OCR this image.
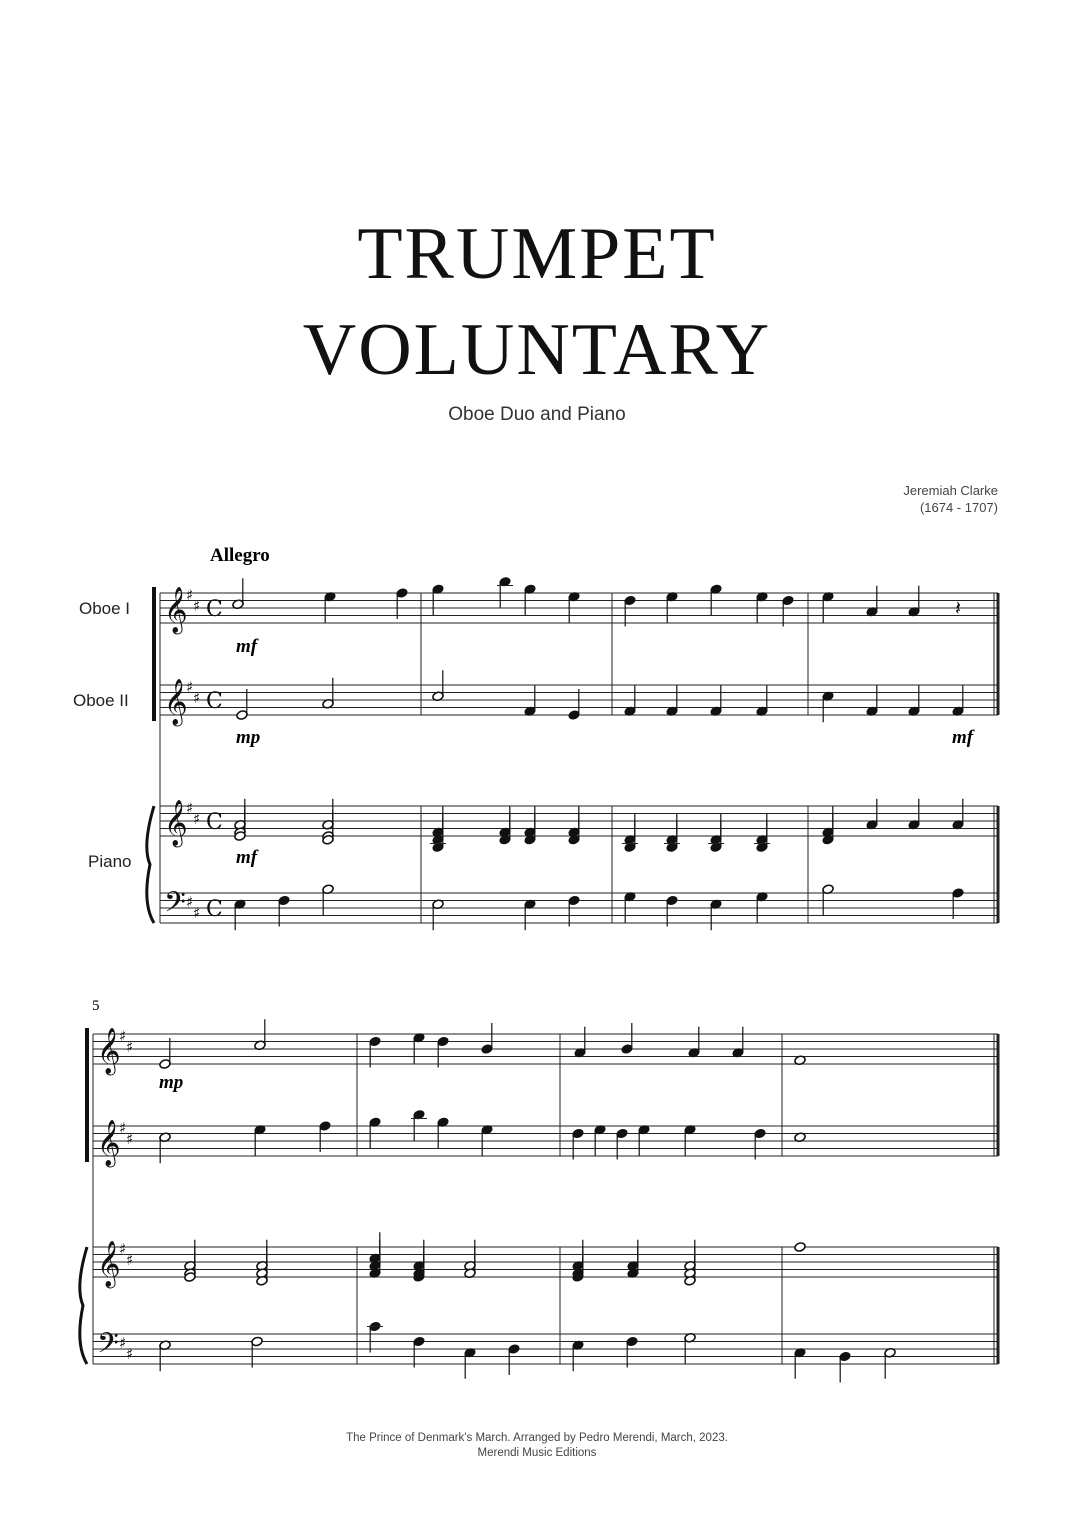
TRUMPET
VOLUNTARY
Oboe Duo and Piano
Jeremiah Clarke
(1674 - 1707)
Oboe I
Oboe II
Piano
𝄞
♯
♯ C
𝄞
♯
♯ C
𝄞
♯
♯ C
𝄢 ♯
♯ C
𝄞
♯
♯
𝄞
♯
♯
𝄞
♯
♯
𝄢 ♯
♯
𝄽
Allegro
5
mf
mp	mf
mf
mp
The Prince of Denmark's March. Arranged by Pedro Merendi, March, 2023.
Merendi Music Editions
